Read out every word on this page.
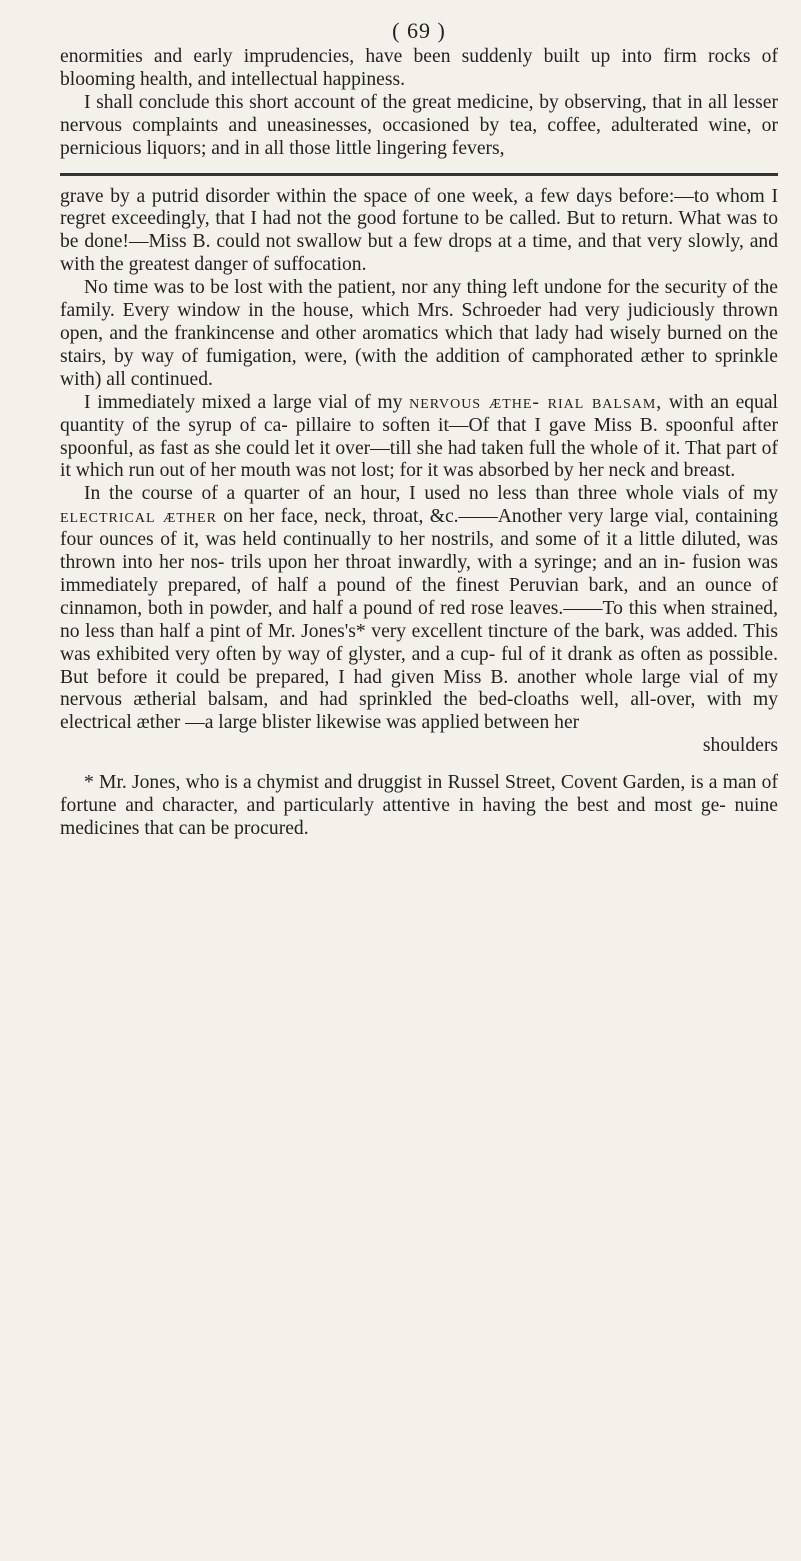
( 69 )

enormities and early imprudencies, have been suddenly built up into firm rocks of blooming health, and intellectual happiness.

I shall conclude this short account of the great medicine, by observing, that in all lesser nervous complaints and uneasinesses, occasioned by tea, coffee, adulterated wine, or pernicious liquors; and in all those little lingering fevers,

grave by a putrid disorder within the space of one week, a few days before:—to whom I regret exceedingly, that I had not the good fortune to be called. But to return. What was to be done!—Miss B. could not swallow but a few drops at a time, and that very slowly, and with the greatest danger of suffocation.

No time was to be lost with the patient, nor any thing left undone for the security of the family. Every window in the house, which Mrs. Schroeder had very judiciously thrown open, and the frankincense and other aromatics which that lady had wisely burned on the stairs, by way of fumigation, were, (with the addition of camphorated æther to sprinkle with) all continued.

I immediately mixed a large vial of my nervous æthe- rial balsam, with an equal quantity of the syrup of ca- pillaire to soften it—Of that I gave Miss B. spoonful after spoonful, as fast as she could let it over—till she had taken full the whole of it. That part of it which run out of her mouth was not lost; for it was absorbed by her neck and breast.

In the course of a quarter of an hour, I used no less than three whole vials of my electrical æther on her face, neck, throat, &c.——Another very large vial, containing four ounces of it, was held continually to her nostrils, and some of it a little diluted, was thrown into her nos- trils upon her throat inwardly, with a syringe; and an in- fusion was immediately prepared, of half a pound of the finest Peruvian bark, and an ounce of cinnamon, both in powder, and half a pound of red rose leaves.——To this when strained, no less than half a pint of Mr. Jones's* very excellent tincture of the bark, was added. This was exhibited very often by way of glyster, and a cup- ful of it drank as often as possible. But before it could be prepared, I had given Miss B. another whole large vial of my nervous ætherial balsam, and had sprinkled the bed-cloaths well, all-over, with my electrical æther —a large blister likewise was applied between her

shoulders

* Mr. Jones, who is a chymist and druggist in Russel Street, Covent Garden, is a man of fortune and character, and particularly attentive in having the best and most ge- nuine medicines that can be procured.
